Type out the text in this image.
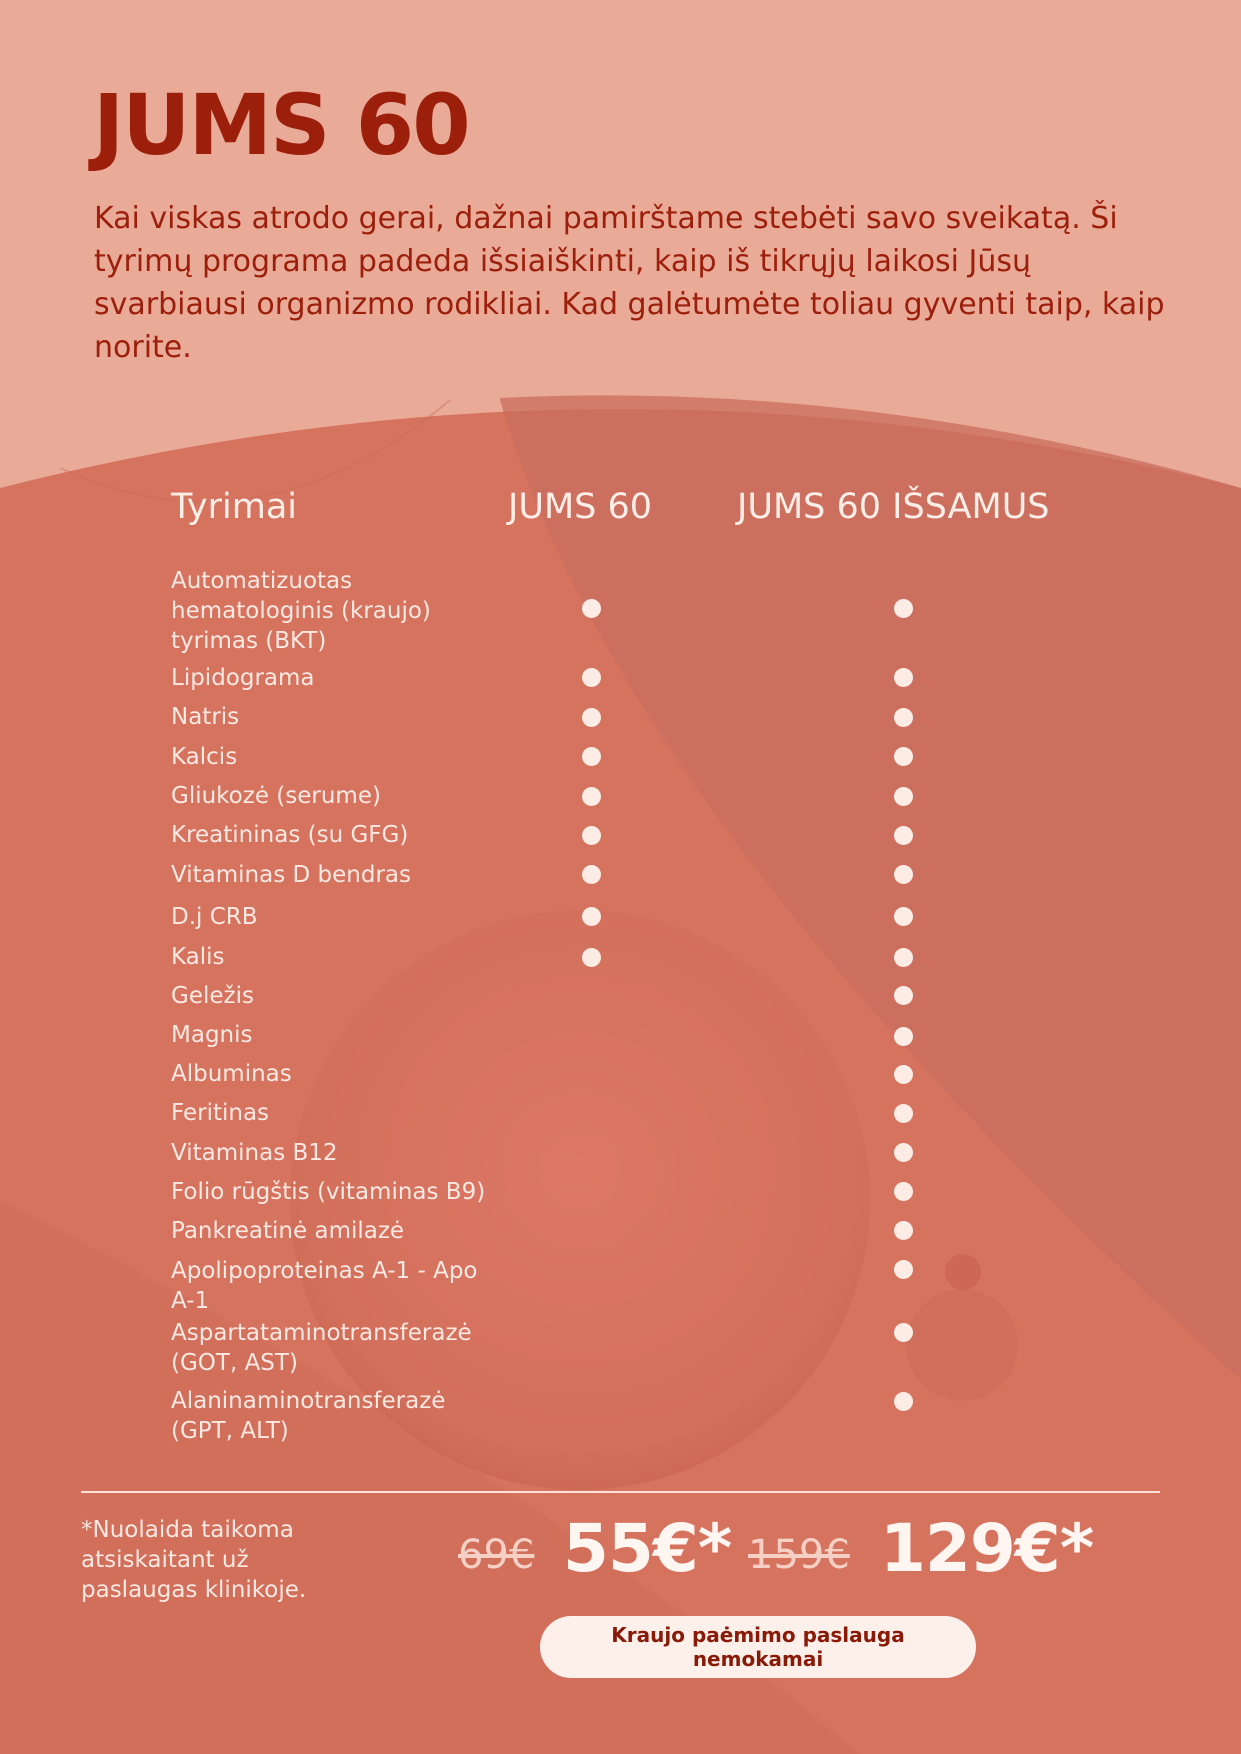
JUMS 60

Kai viskas atrodo gerai, dažnai pamirštame stebėti savo sveikatą. Ši tyrimų programa padeda išsiaiškinti, kaip iš tikrųjų laikosi Jūsų svarbiausi organizmo rodikliai. Kad galėtumėte toliau gyventi taip, kaip norite.

Tyrimai	JUMS 60 JUMS 60 IŠSAMUS
Automatizuotas
hematologinis (kraujo)
tyrimas (BKT)
Lipidograma
Natris
Kalcis
Gliukozė (serume)
Kreatininas (su GFG)
Vitaminas D bendras
D.j CRB
Kalis
Geležis
Magnis
Albuminas
Feritinas
Vitaminas B12
Folio rūgštis (vitaminas B9)
Pankreatinė amilazė
Apolipoproteinas A-1 - Apo
A-1
Aspartataminotransferazė
(GOT, AST)
Alaninaminotransferazė
(GPT, ALT)

*Nuolaida taikoma atsiskaitant už paslaugas klinikoje.

69€ 55€* 159€ 129€*
Kraujo paėmimo paslauga nemokamai
